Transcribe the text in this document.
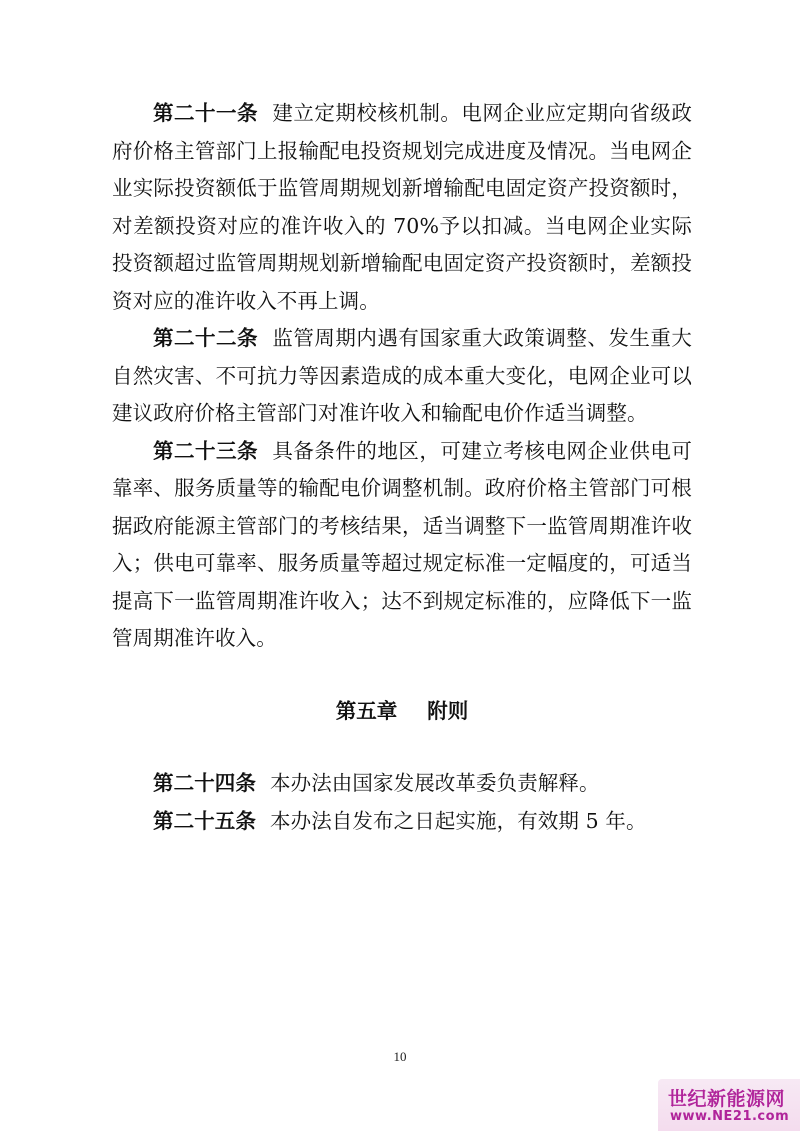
第二十一条 建立定期校核机制。电网企业应定期向省级政府价格主管部门上报输配电投资规划完成进度及情况。当电网企业实际投资额低于监管周期规划新增输配电固定资产投资额时，对差额投资对应的准许收入的 70%予以扣减。当电网企业实际投资额超过监管周期规划新增输配电固定资产投资额时，差额投资对应的准许收入不再上调。

第二十二条 监管周期内遇有国家重大政策调整、发生重大自然灾害、不可抗力等因素造成的成本重大变化，电网企业可以建议政府价格主管部门对准许收入和输配电价作适当调整。

第二十三条 具备条件的地区，可建立考核电网企业供电可靠率、服务质量等的输配电价调整机制。政府价格主管部门可根据政府能源主管部门的考核结果，适当调整下一监管周期准许收入；供电可靠率、服务质量等超过规定标准一定幅度的，可适当提高下一监管周期准许收入；达不到规定标准的，应降低下一监管周期准许收入。

第五章 附则

第二十四条 本办法由国家发展改革委负责解释。

第二十五条 本办法自发布之日起实施，有效期 5 年。

10
世纪新能源网
www.NE21.com
